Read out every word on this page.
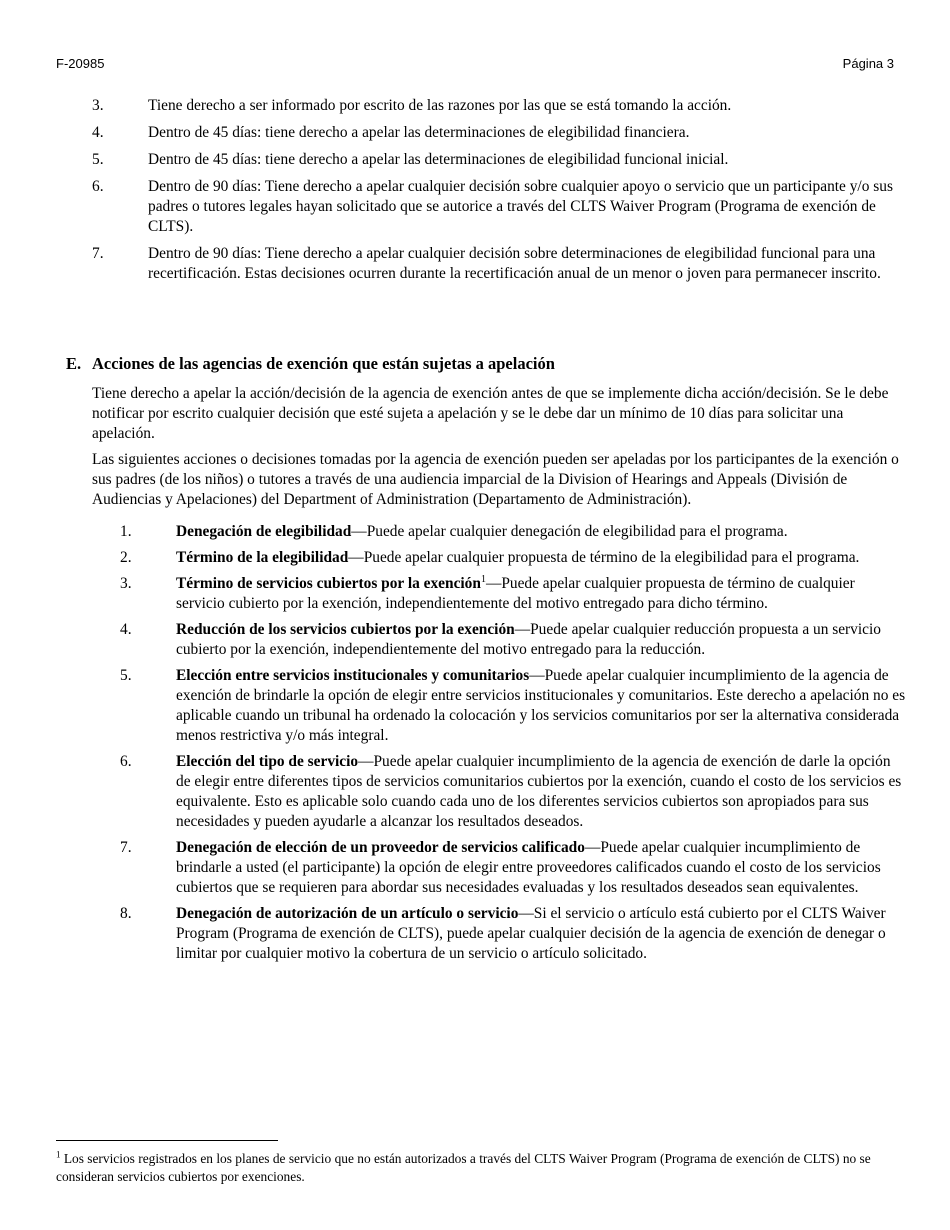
F-20985	Página 3
3.	Tiene derecho a ser informado por escrito de las razones por las que se está tomando la acción.
4.	Dentro de 45 días: tiene derecho a apelar las determinaciones de elegibilidad financiera.
5.	Dentro de 45 días: tiene derecho a apelar las determinaciones de elegibilidad funcional inicial.
6.	Dentro de 90 días: Tiene derecho a apelar cualquier decisión sobre cualquier apoyo o servicio que un participante y/o sus padres o tutores legales hayan solicitado que se autorice a través del CLTS Waiver Program (Programa de exención de CLTS).
7.	Dentro de 90 días: Tiene derecho a apelar cualquier decisión sobre determinaciones de elegibilidad funcional para una recertificación. Estas decisiones ocurren durante la recertificación anual de un menor o joven para permanecer inscrito.
E. Acciones de las agencias de exención que están sujetas a apelación

Tiene derecho a apelar la acción/decisión de la agencia de exención antes de que se implemente dicha acción/decisión. Se le debe notificar por escrito cualquier decisión que esté sujeta a apelación y se le debe dar un mínimo de 10 días para solicitar una apelación.

Las siguientes acciones o decisiones tomadas por la agencia de exención pueden ser apeladas por los participantes de la exención o sus padres (de los niños) o tutores a través de una audiencia imparcial de la Division of Hearings and Appeals (División de Audiencias y Apelaciones) del Department of Administration (Departamento de Administración).

1.	Denegación de elegibilidad—Puede apelar cualquier denegación de elegibilidad para el programa.
2.	Término de la elegibilidad—Puede apelar cualquier propuesta de término de la elegibilidad para el programa.
3.	Término de servicios cubiertos por la exención$^1$—Puede apelar cualquier propuesta de término de cualquier servicio cubierto por la exención, independientemente del motivo entregado para dicho término.
4.	Reducción de los servicios cubiertos por la exención—Puede apelar cualquier reducción propuesta a un servicio cubierto por la exención, independientemente del motivo entregado para la reducción.
5.	Elección entre servicios institucionales y comunitarios—Puede apelar cualquier incumplimiento de la agencia de exención de brindarle la opción de elegir entre servicios institucionales y comunitarios. Este derecho a apelación no es aplicable cuando un tribunal ha ordenado la colocación y los servicios comunitarios por ser la alternativa considerada menos restrictiva y/o más integral.
6.	Elección del tipo de servicio—Puede apelar cualquier incumplimiento de la agencia de exención de darle la opción de elegir entre diferentes tipos de servicios comunitarios cubiertos por la exención, cuando el costo de los servicios es equivalente. Esto es aplicable solo cuando cada uno de los diferentes servicios cubiertos son apropiados para sus necesidades y pueden ayudarle a alcanzar los resultados deseados.
7.	Denegación de elección de un proveedor de servicios calificado—Puede apelar cualquier incumplimiento de brindarle a usted (el participante) la opción de elegir entre proveedores calificados cuando el costo de los servicios cubiertos que se requieren para abordar sus necesidades evaluadas y los resultados deseados sean equivalentes.
8.	Denegación de autorización de un artículo o servicio—Si el servicio o artículo está cubierto por el CLTS Waiver Program (Programa de exención de CLTS), puede apelar cualquier decisión de la agencia de exención de denegar o limitar por cualquier motivo la cobertura de un servicio o artículo solicitado.
$^1$ Los servicios registrados en los planes de servicio que no están autorizados a través del CLTS Waiver Program (Programa de exención de CLTS) no se consideran servicios cubiertos por exenciones.
